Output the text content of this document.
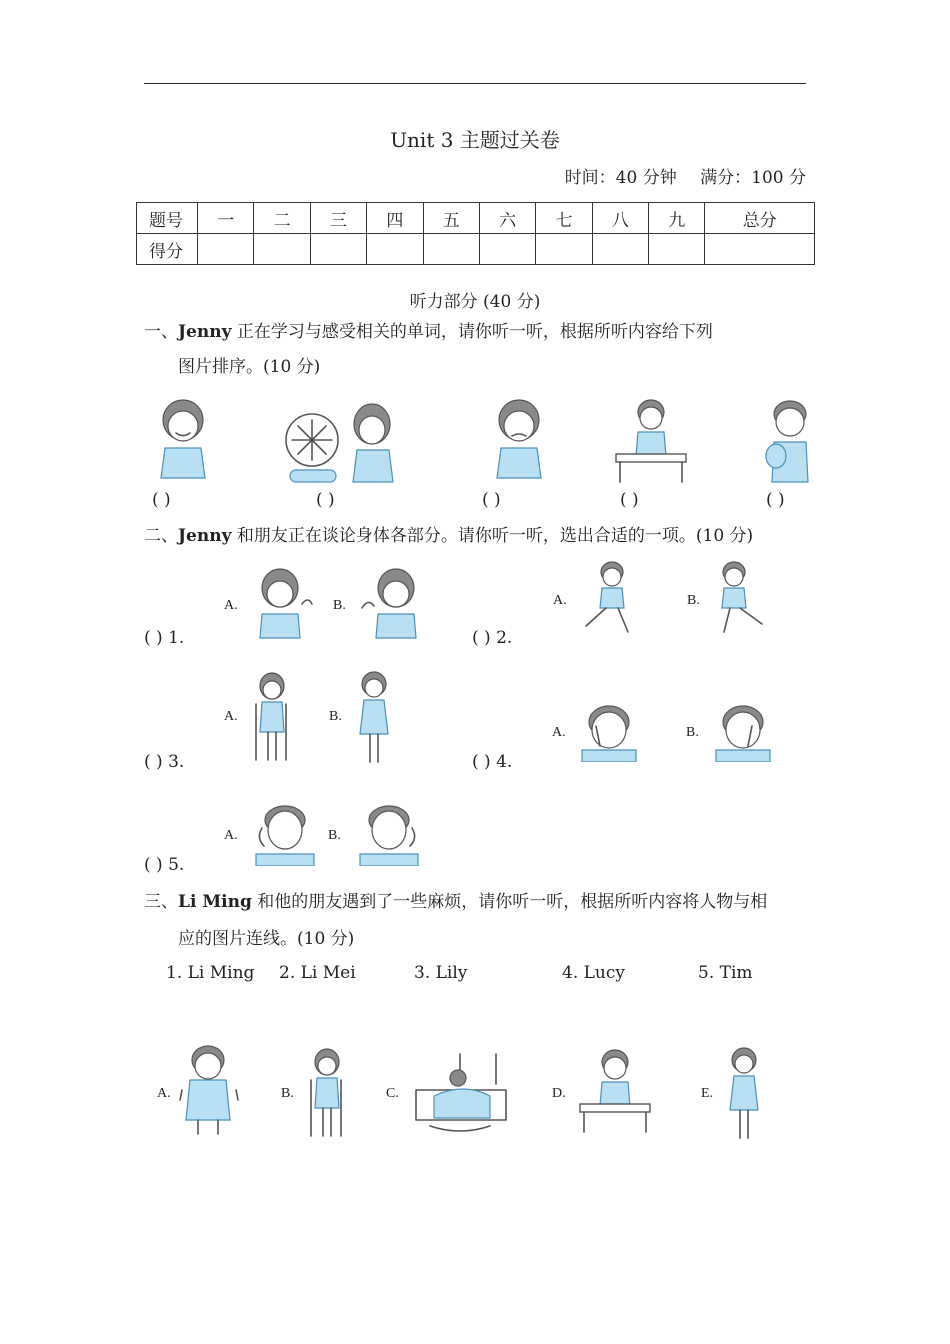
Unit 3 主题过关卷
时间：40 分钟 满分：100 分
题号	一	二	三	四	五	六	七	八	九	总分
得分										
听力部分 (40 分)
一、Jenny 正在学习与感受相关的单词，请你听一听，根据所听内容给下列
图片排序。(10 分)
( )	( )	( )	( )	( )
二、Jenny 和朋友正在谈论身体各部分。请你听一听，选出合适的一项。(10 分)
( ) 1.
A.	B.
( ) 2.
A.	B.
( ) 3.
A.	B.
( ) 4.
A.	B.
( ) 5.
A.	B.
三、Li Ming 和他的朋友遇到了一些麻烦，请你听一听，根据所听内容将人物与相
应的图片连线。(10 分)
1. Li Ming 2. Li Mei	3. Lily	4. Lucy	5. Tim
A.	B.	C.	D.	E.
